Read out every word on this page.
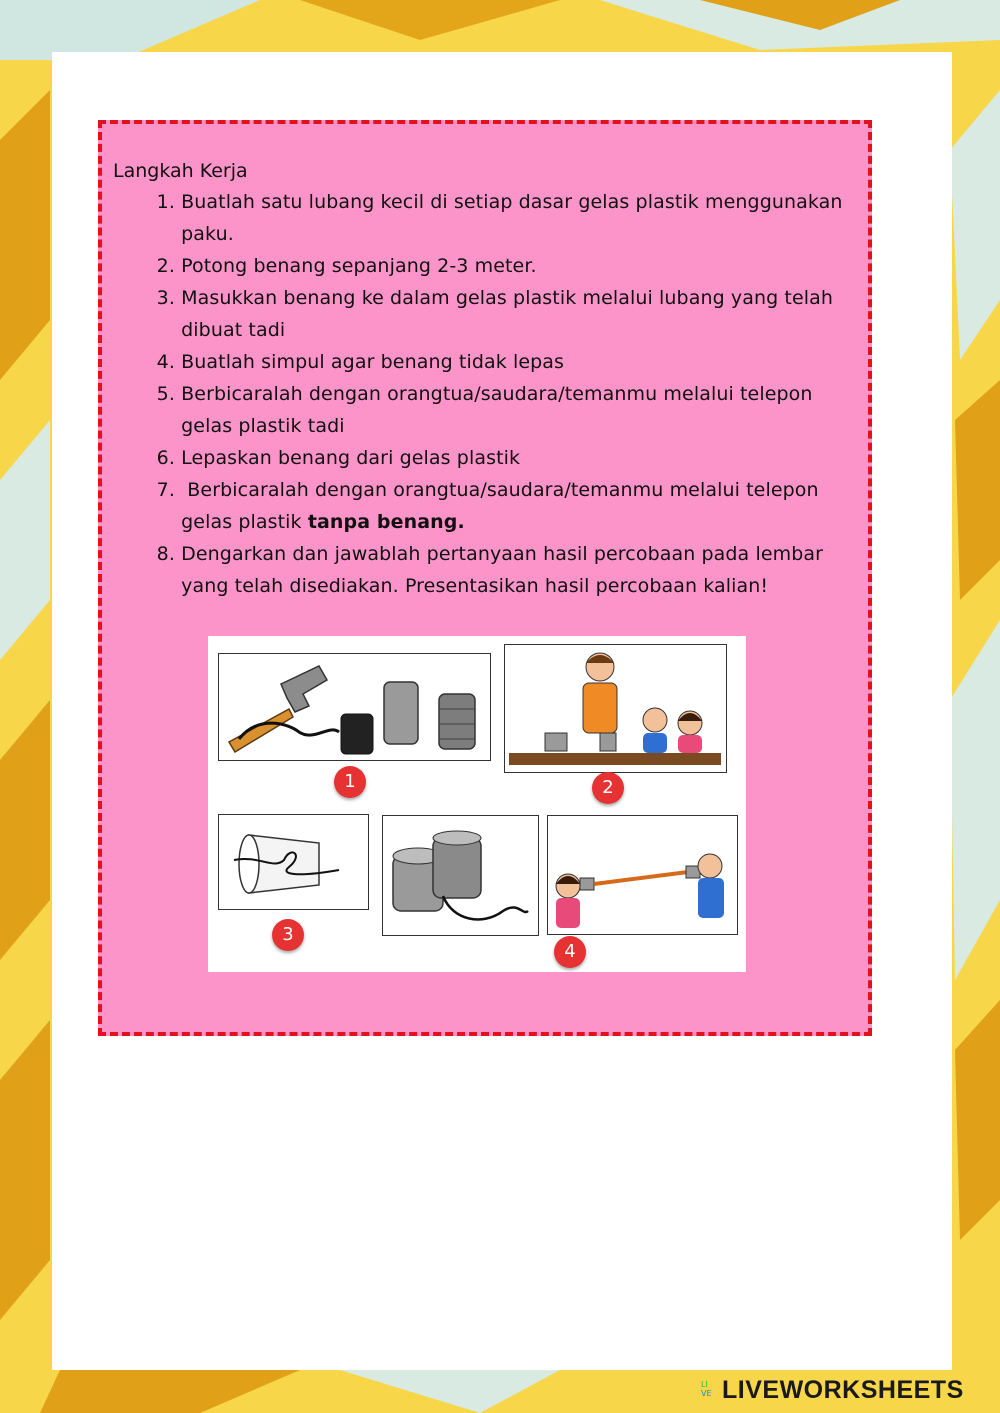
Langkah Kerja
1. Buatlah satu lubang kecil di setiap dasar gelas plastik menggunakan
paku.
2. Potong benang sepanjang 2-3 meter.
3. Masukkan benang ke dalam gelas plastik melalui lubang yang telah
dibuat tadi
4. Buatlah simpul agar benang tidak lepas
5. Berbicaralah dengan orangtua/saudara/temanmu melalui telepon
gelas plastik tadi
6. Lepaskan benang dari gelas plastik
7. Berbicaralah dengan orangtua/saudara/temanmu melalui telepon
gelas plastik tanpa benang.
8. Dengarkan dan jawablah pertanyaan hasil percobaan pada lembar
yang telah disediakan. Presentasikan hasil percobaan kalian!
1	2
3
4
LI
VE LIVEWORKSHEETS
